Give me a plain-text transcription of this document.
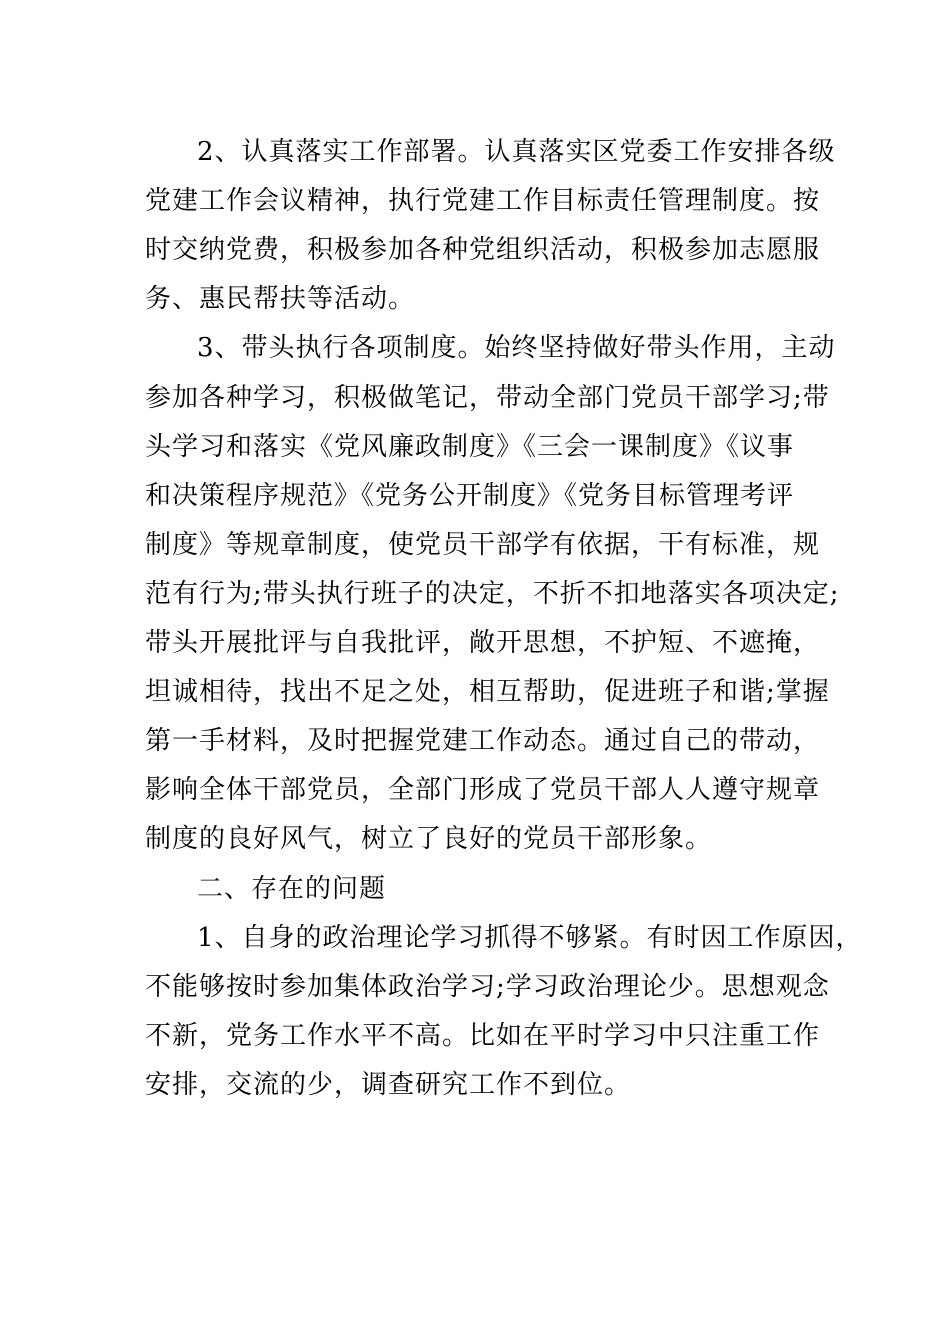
2、认真落实工作部署。认真落实区党委工作安排各级

党建工作会议精神，执行党建工作目标责任管理制度。按

时交纳党费，积极参加各种党组织活动，积极参加志愿服

务、惠民帮扶等活动。

3、带头执行各项制度。始终坚持做好带头作用，主动

参加各种学习，积极做笔记，带动全部门党员干部学习;带

头学习和落实《党风廉政制度》《三会一课制度》《议事

和决策程序规范》《党务公开制度》《党务目标管理考评

制度》等规章制度，使党员干部学有依据，干有标准，规

范有行为;带头执行班子的决定，不折不扣地落实各项决定;

带头开展批评与自我批评，敞开思想，不护短、不遮掩，

坦诚相待，找出不足之处，相互帮助，促进班子和谐;掌握

第一手材料，及时把握党建工作动态。通过自己的带动，

影响全体干部党员，全部门形成了党员干部人人遵守规章

制度的良好风气，树立了良好的党员干部形象。

二、存在的问题

1、自身的政治理论学习抓得不够紧。有时因工作原因，

不能够按时参加集体政治学习;学习政治理论少。思想观念

不新，党务工作水平不高。比如在平时学习中只注重工作

安排，交流的少，调查研究工作不到位。
